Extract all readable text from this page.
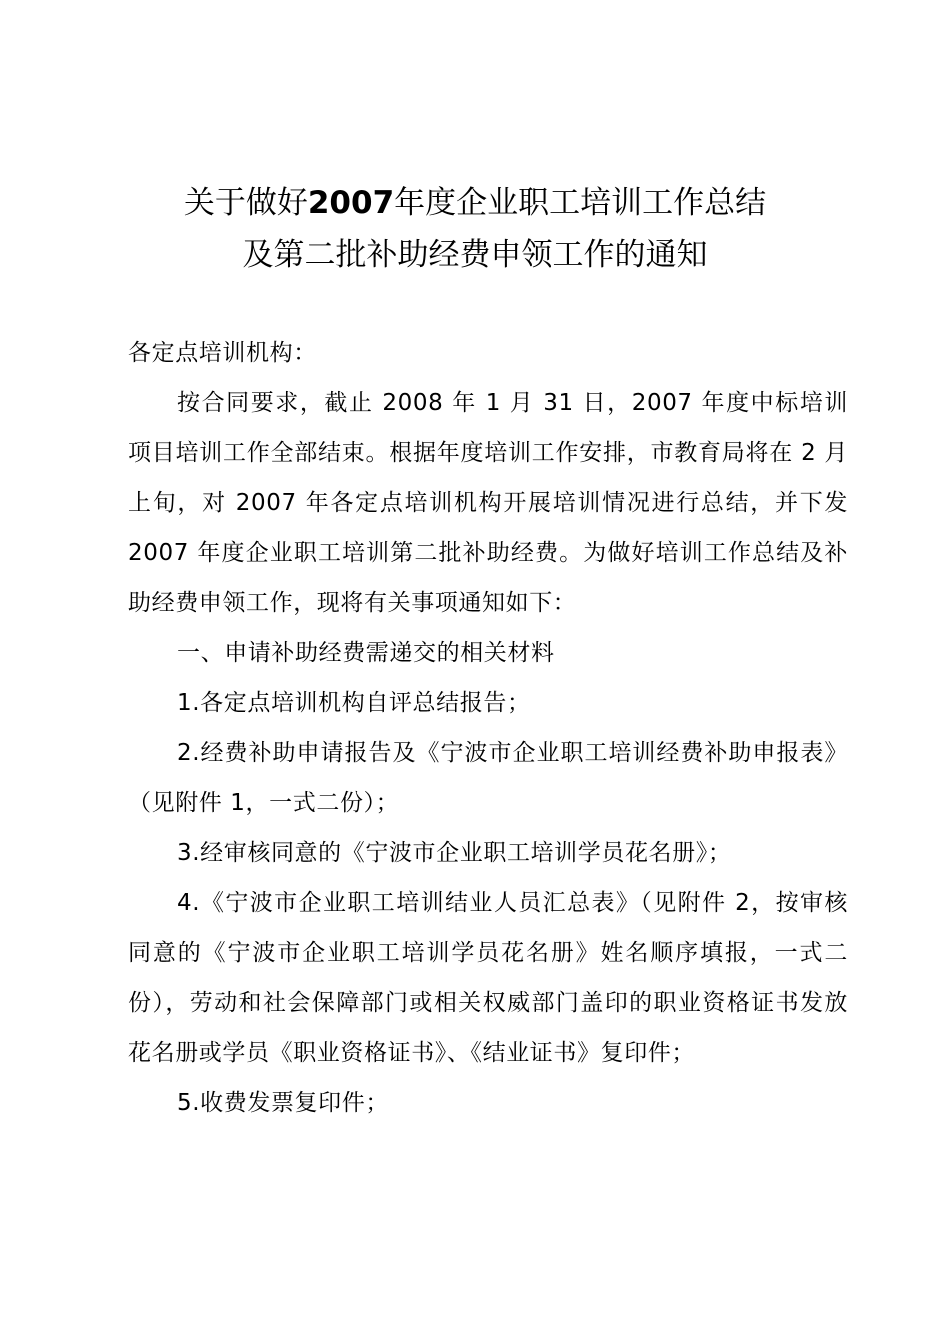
关于做好2007年度企业职工培训工作总结
及第二批补助经费申领工作的通知
各定点培训机构：

按合同要求，截止 2008 年 1 月 31 日，2007 年度中标培训项目培训工作全部结束。根据年度培训工作安排，市教育局将在 2 月上旬，对 2007 年各定点培训机构开展培训情况进行总结，并下发 2007 年度企业职工培训第二批补助经费。为做好培训工作总结及补助经费申领工作，现将有关事项通知如下：

一、申请补助经费需递交的相关材料

1.各定点培训机构自评总结报告；

2.经费补助申请报告及《宁波市企业职工培训经费补助申报表》（见附件 1，一式二份）；

3.经审核同意的《宁波市企业职工培训学员花名册》；

4.《宁波市企业职工培训结业人员汇总表》（见附件 2，按审核同意的《宁波市企业职工培训学员花名册》姓名顺序填报，一式二份），劳动和社会保障部门或相关权威部门盖印的职业资格证书发放花名册或学员《职业资格证书》、《结业证书》复印件；

5.收费发票复印件；
